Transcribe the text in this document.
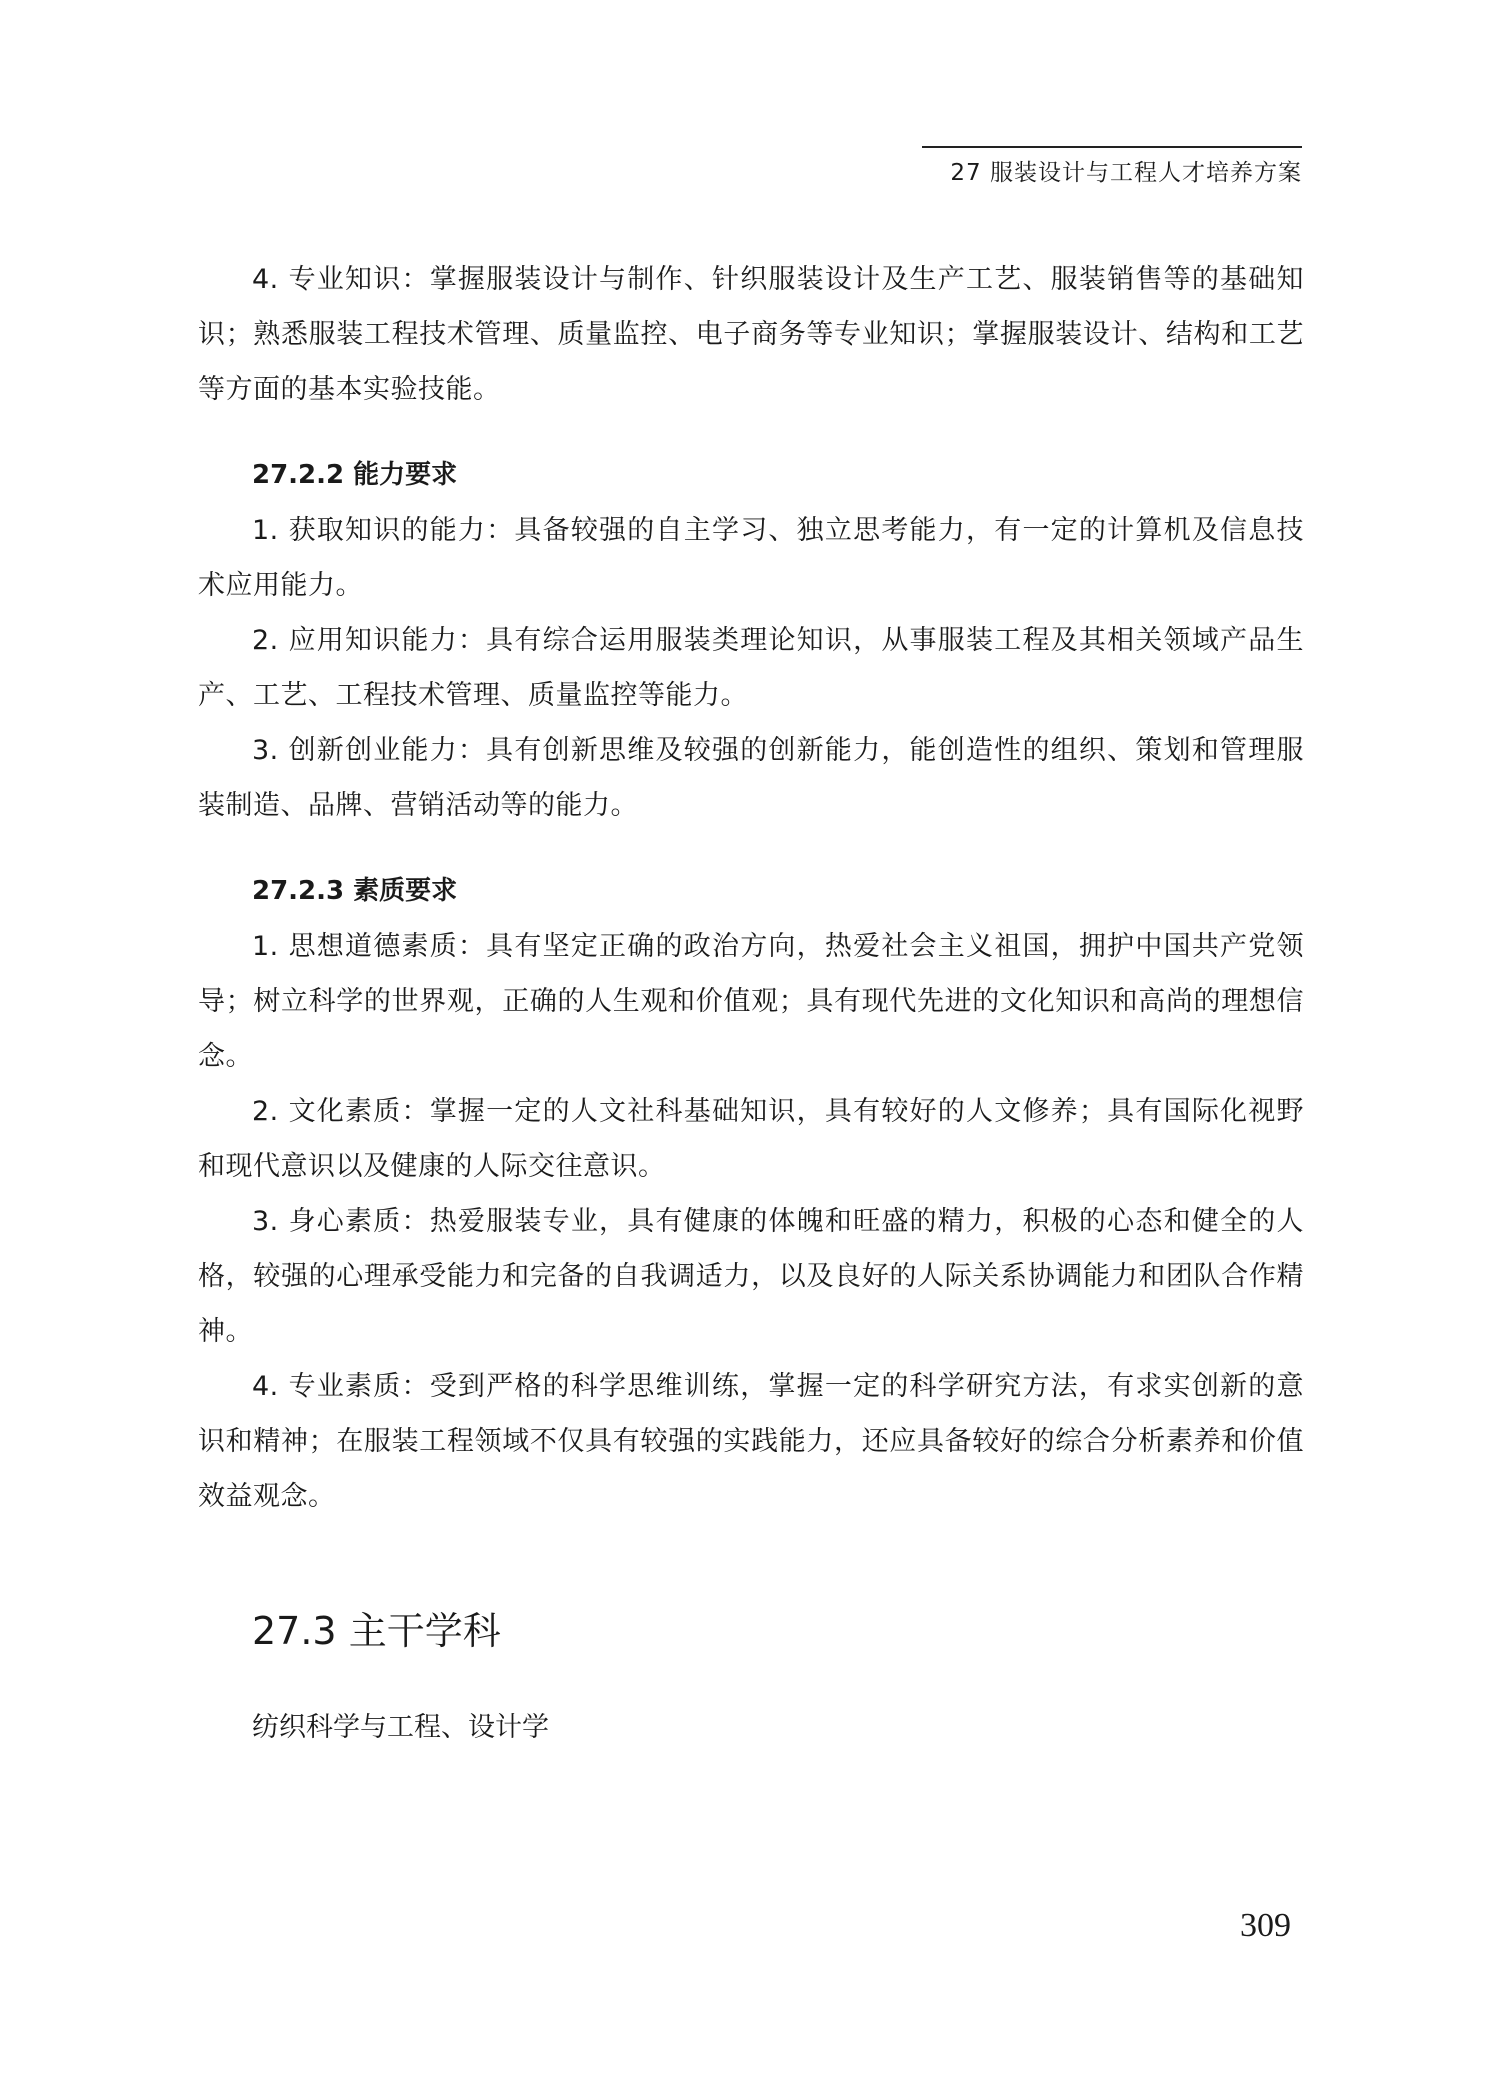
27 服装设计与工程人才培养方案

4. 专业知识：掌握服装设计与制作、针织服装设计及生产工艺、服装销售等的基础知识；熟悉服装工程技术管理、质量监控、电子商务等专业知识；掌握服装设计、结构和工艺等方面的基本实验技能。

27.2.2 能力要求

1. 获取知识的能力：具备较强的自主学习、独立思考能力，有一定的计算机及信息技术应用能力。

2. 应用知识能力：具有综合运用服装类理论知识，从事服装工程及其相关领域产品生产、工艺、工程技术管理、质量监控等能力。

3. 创新创业能力：具有创新思维及较强的创新能力，能创造性的组织、策划和管理服装制造、品牌、营销活动等的能力。

27.2.3 素质要求

1. 思想道德素质：具有坚定正确的政治方向，热爱社会主义祖国，拥护中国共产党领导；树立科学的世界观，正确的人生观和价值观；具有现代先进的文化知识和高尚的理想信念。

2. 文化素质：掌握一定的人文社科基础知识，具有较好的人文修养；具有国际化视野和现代意识以及健康的人际交往意识。

3. 身心素质：热爱服装专业，具有健康的体魄和旺盛的精力，积极的心态和健全的人格，较强的心理承受能力和完备的自我调适力，以及良好的人际关系协调能力和团队合作精神。

4. 专业素质：受到严格的科学思维训练，掌握一定的科学研究方法，有求实创新的意识和精神；在服装工程领域不仅具有较强的实践能力，还应具备较好的综合分析素养和价值效益观念。

27.3 主干学科

纺织科学与工程、设计学

309
